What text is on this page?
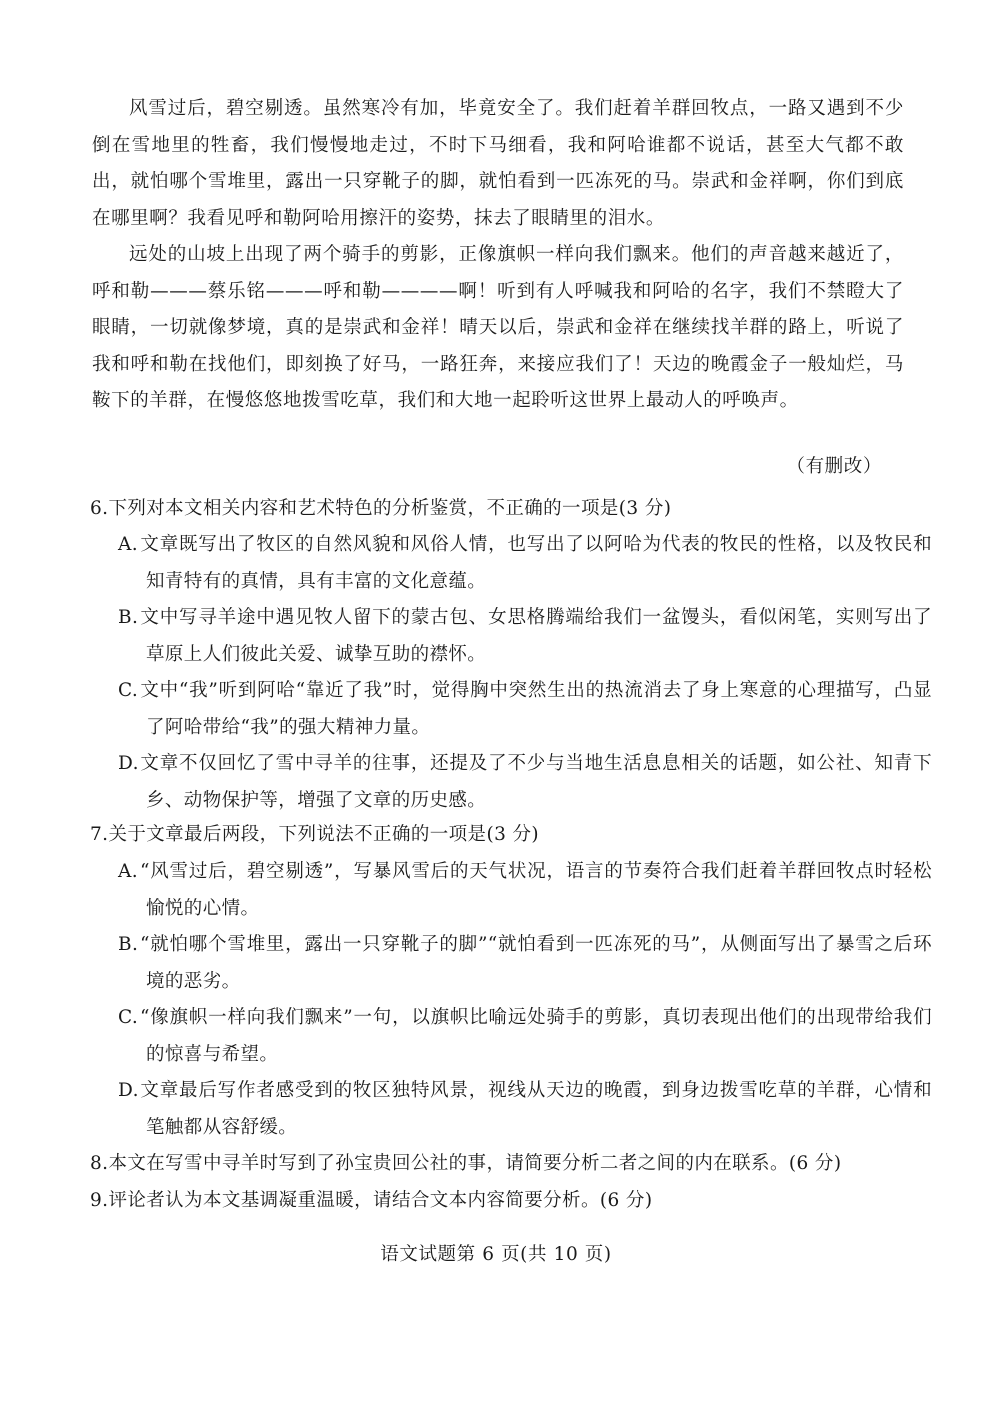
风雪过后，碧空剔透。虽然寒冷有加，毕竟安全了。我们赶着羊群回牧点，一路又遇到不少倒在雪地里的牲畜，我们慢慢地走过，不时下马细看，我和阿哈谁都不说话，甚至大气都不敢出，就怕哪个雪堆里，露出一只穿靴子的脚，就怕看到一匹冻死的马。崇武和金祥啊，你们到底在哪里啊？我看见呼和勒阿哈用擦汗的姿势，抹去了眼睛里的泪水。

远处的山坡上出现了两个骑手的剪影，正像旗帜一样向我们飘来。他们的声音越来越近了，呼和勒———蔡乐铭———呼和勒————啊！听到有人呼喊我和阿哈的名字，我们不禁瞪大了眼睛，一切就像梦境，真的是崇武和金祥！晴天以后，崇武和金祥在继续找羊群的路上，听说了我和呼和勒在找他们，即刻换了好马，一路狂奔，来接应我们了！天边的晚霞金子一般灿烂，马鞍下的羊群，在慢悠悠地拨雪吃草，我们和大地一起聆听这世界上最动人的呼唤声。

（有删改）

6.下列对本文相关内容和艺术特色的分析鉴赏，不正确的一项是(3 分)

A. 文章既写出了牧区的自然风貌和风俗人情，也写出了以阿哈为代表的牧民的性格，以及牧民和知青特有的真情，具有丰富的文化意蕴。

B.文中写寻羊途中遇见牧人留下的蒙古包、女思格腾端给我们一盆馒头，看似闲笔，实则写出了草原上人们彼此关爱、诚挚互助的襟怀。

C.文中“我”听到阿哈“靠近了我”时，觉得胸中突然生出的热流消去了身上寒意的心理描写，凸显了阿哈带给“我”的强大精神力量。

D.文章不仅回忆了雪中寻羊的往事，还提及了不少与当地生活息息相关的话题，如公社、知青下乡、动物保护等，增强了文章的历史感。

7.关于文章最后两段，下列说法不正确的一项是(3 分)

A. “风雪过后，碧空剔透”，写暴风雪后的天气状况，语言的节奏符合我们赶着羊群回牧点时轻松愉悦的心情。

B.“就怕哪个雪堆里，露出一只穿靴子的脚”“就怕看到一匹冻死的马”，从侧面写出了暴雪之后环境的恶劣。

C.“像旗帜一样向我们飘来”一句，以旗帜比喻远处骑手的剪影，真切表现出他们的出现带给我们的惊喜与希望。

D.文章最后写作者感受到的牧区独特风景，视线从天边的晚霞，到身边拨雪吃草的羊群，心情和笔触都从容舒缓。

8.本文在写雪中寻羊时写到了孙宝贵回公社的事，请简要分析二者之间的内在联系。(6 分)

9.评论者认为本文基调凝重温暖，请结合文本内容简要分析。(6 分)

语文试题第 6 页(共 10 页)
